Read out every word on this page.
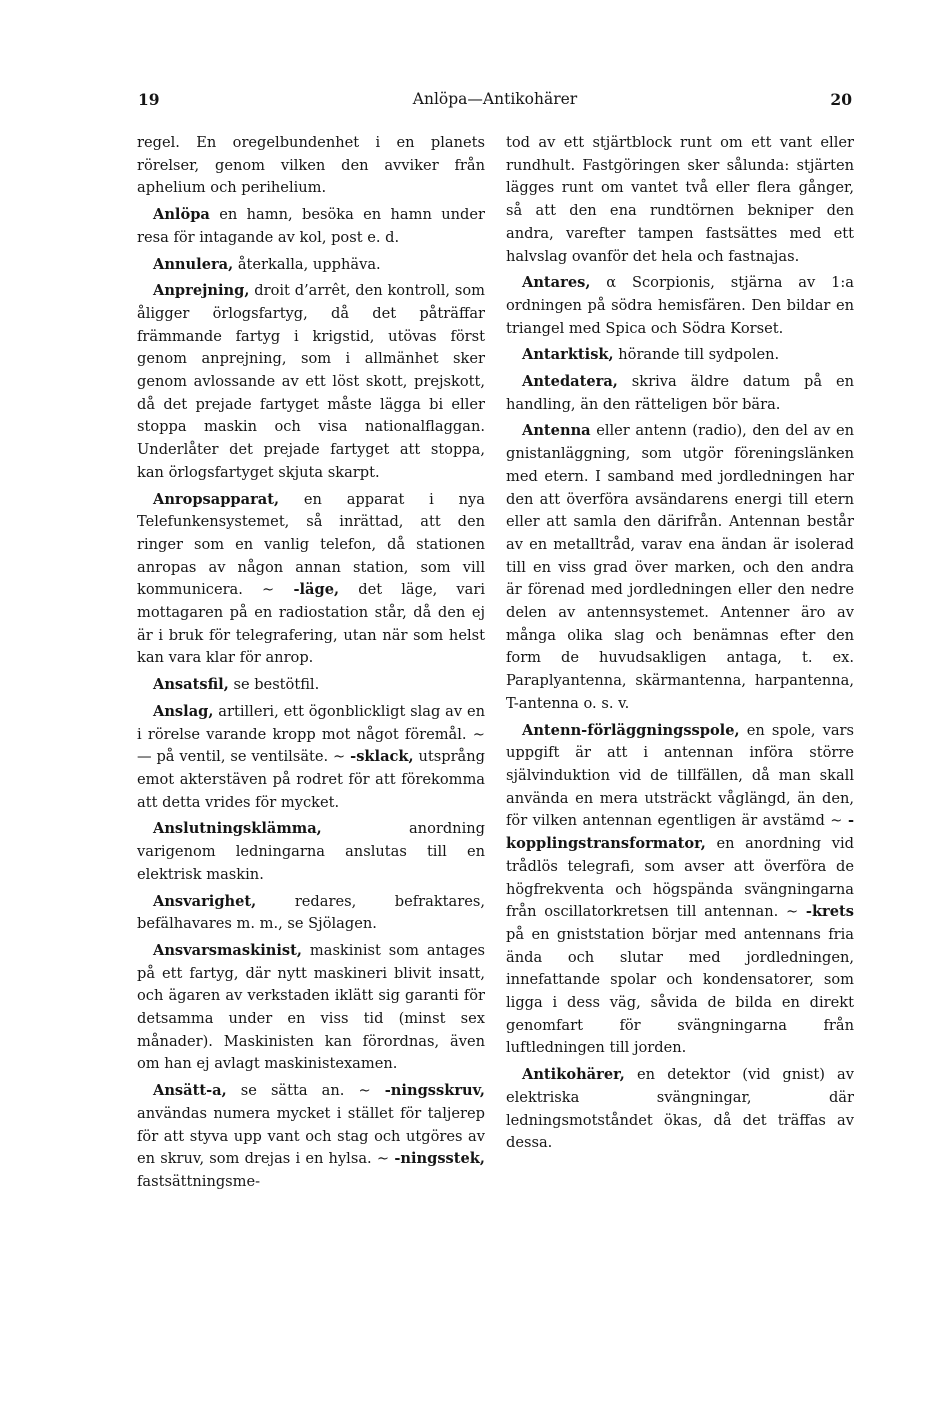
19	Anlöpa—Antikohärer	20

regel. En oregelbundenhet i en planets rörelser, genom vilken den avviker från aphelium och perihelium.

Anlöpa en hamn, besöka en hamn under resa för intagande av kol, post e. d.

Annulera, återkalla, upphäva.

Anprejning, droit d’arrêt, den kontroll, som åligger örlogsfartyg, då det påträffar främmande fartyg i krigstid, utövas först genom anprejning, som i allmänhet sker genom avlossande av ett löst skott, prejskott, då det prejade fartyget måste lägga bi eller stoppa maskin och visa nationalflaggan. Underlåter det prejade fartyget att stoppa, kan örlogsfartyget skjuta skarpt.

Anropsapparat, en apparat i nya Telefunkensystemet, så inrättad, att den ringer som en vanlig telefon, då stationen anropas av någon annan station, som vill kommunicera. ∼ -läge, det läge, vari mottagaren på en radiostation står, då den ej är i bruk för telegrafering, utan när som helst kan vara klar för anrop.

Ansatsfil, se bestötfil.

Anslag, artilleri, ett ögonblickligt slag av en i rörelse varande kropp mot något föremål. ∼ — på ventil, se ventilsäte. ∼ -sklack, utsprång emot akterstäven på rodret för att förekomma att detta vrides för mycket.

Anslutningsklämma, anordning varigenom ledningarna anslutas till en elektrisk maskin.

Ansvarighet, redares, befraktares, befälhavares m. m., se Sjölagen.

Ansvarsmaskinist, maskinist som antages på ett fartyg, där nytt maskineri blivit insatt, och ägaren av verkstaden iklätt sig garanti för detsamma under en viss tid (minst sex månader). Maskinisten kan förordnas, även om han ej avlagt maskinistexamen.

Ansätt-a, se sätta an. ∼ -ningsskruv, användas numera mycket i stället för taljerep för att styva upp vant och stag och utgöres av en skruv, som drejas i en hylsa. ∼ -ningsstek, fastsättningsme-

tod av ett stjärtblock runt om ett vant eller rundhult. Fastgöringen sker sålunda: stjärten lägges runt om vantet två eller flera gånger, så att den ena rundtörnen bekniper den andra, varefter tampen fastsättes med ett halvslag ovanför det hela och fastnajas.

Antares, α Scorpionis, stjärna av 1:a ordningen på södra hemisfären. Den bildar en triangel med Spica och Södra Korset.

Antarktisk, hörande till sydpolen.

Antedatera, skriva äldre datum på en handling, än den rätteligen bör bära.

Antenna eller antenn (radio), den del av en gnistanläggning, som utgör föreningslänken med etern. I samband med jordledningen har den att överföra avsändarens energi till etern eller att samla den därifrån. Antennan består av en metalltråd, varav ena ändan är isolerad till en viss grad över marken, och den andra är förenad med jordledningen eller den nedre delen av antennsystemet. Antenner äro av många olika slag och benämnas efter den form de huvudsakligen antaga, t. ex. Paraplyantenna, skärmantenna, harpantenna, T-antenna o. s. v.

Antenn-förläggningsspole, en spole, vars uppgift är att i antennan införa större självinduktion vid de tillfällen, då man skall använda en mera utsträckt våglängd, än den, för vilken antennan egentligen är avstämd ∼ -kopplingstransformator, en anordning vid trådlös telegrafi, som avser att överföra de högfrekventa och högspända svängningarna från oscillatorkretsen till antennan. ∼ -krets på en gniststation börjar med antennans fria ända och slutar med jordledningen, innefattande spolar och kondensatorer, som ligga i dess väg, såvida de bilda en direkt genomfart för svängningarna från luftledningen till jorden.

Antikohärer, en detektor (vid gnist) av elektriska svängningar, där ledningsmotståndet ökas, då det träffas av dessa.
